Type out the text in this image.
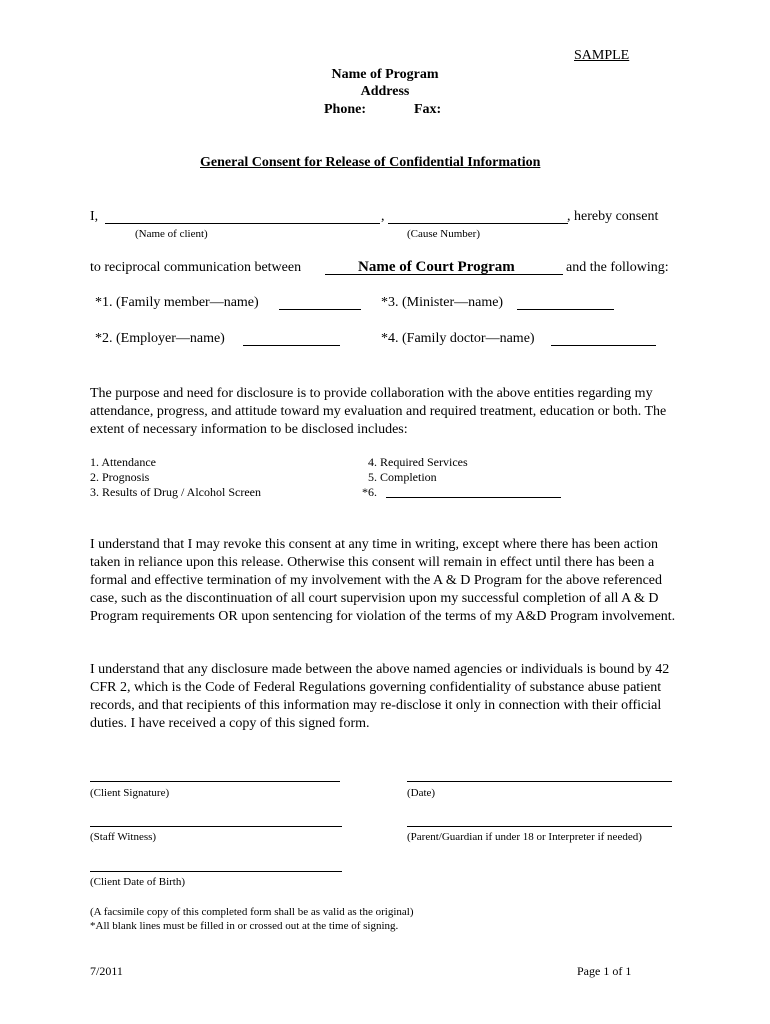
SAMPLE
Name of Program
Address
Phone:	Fax:
General Consent for Release of Confidential Information
I,	,	, hereby consent
(Name of client)	(Cause Number)
to reciprocal communication between	Name of Court Program	and the following:
*1. (Family member—name)	*3. (Minister—name)
*2. (Employer—name)	*4. (Family doctor—name)
The purpose and need for disclosure is to provide collaboration with the above entities regarding my attendance, progress, and attitude toward my evaluation and required treatment, education or both. The extent of necessary information to be disclosed includes:
1. Attendance
2. Prognosis
3. Results of Drug / Alcohol Screen
4. Required Services
5. Completion
*6.
I understand that I may revoke this consent at any time in writing, except where there has been action taken in reliance upon this release. Otherwise this consent will remain in effect until there has been a formal and effective termination of my involvement with the A & D Program for the above referenced case, such as the discontinuation of all court supervision upon my successful completion of all A & D Program requirements OR upon sentencing for violation of the terms of my A&D Program involvement.
I understand that any disclosure made between the above named agencies or individuals is bound by 42 CFR 2, which is the Code of Federal Regulations governing confidentiality of substance abuse patient records, and that recipients of this information may re-disclose it only in connection with their official duties. I have received a copy of this signed form.
(Client Signature)	(Date)
(Staff Witness)	(Parent/Guardian if under 18 or Interpreter if needed)
(Client Date of Birth)
(A facsimile copy of this completed form shall be as valid as the original)
*All blank lines must be filled in or crossed out at the time of signing.
7/2011	Page 1 of 1
